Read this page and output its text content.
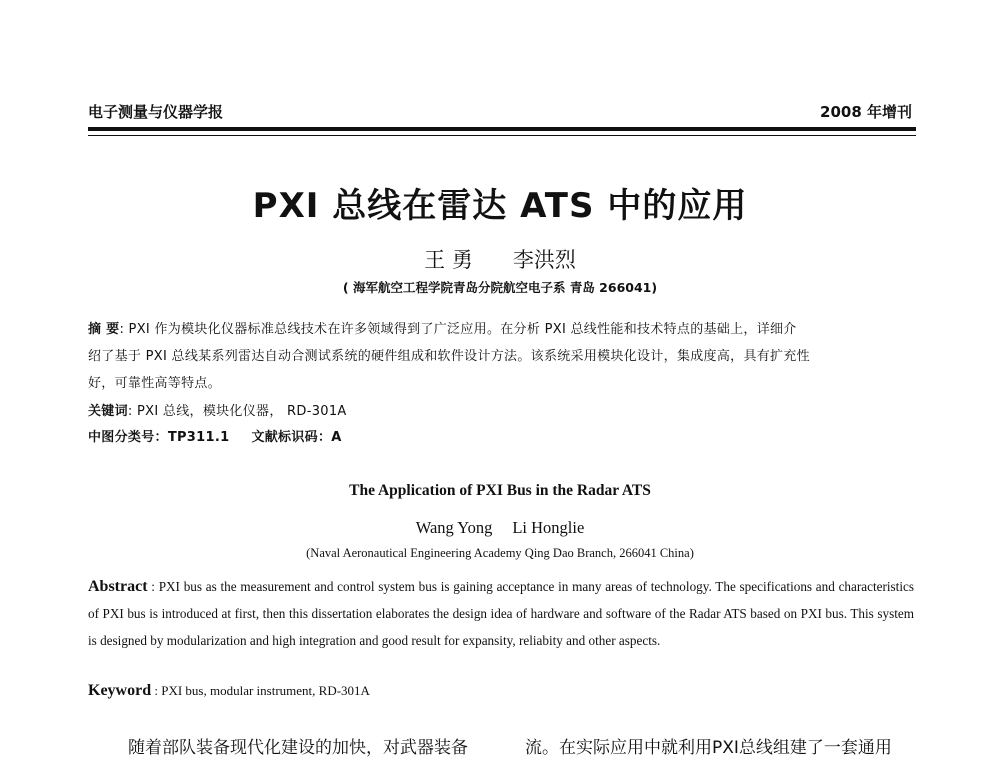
电子测量与仪器学报	2008 年增刊
PXI 总线在雷达 ATS 中的应用
王 勇 李洪烈
( 海军航空工程学院青岛分院航空电子系 青岛 266041)
摘 要: PXI 作为模块化仪器标准总线技术在许多领域得到了广泛应用。在分析 PXI 总线性能和技术特点的基础上，详细介
绍了基于 PXI 总线某系列雷达自动合测试系统的硬件组成和软件设计方法。该系统采用模块化设计，集成度高，具有扩充性
好，可靠性高等特点。
关键词: PXI 总线，模块化仪器， RD-301A
中图分类号：TP311.1 文献标识码：A
The Application of PXI Bus in the Radar ATS
Wang Yong Li Honglie
(Naval Aeronautical Engineering Academy Qing Dao Branch, 266041 China)
Abstract : PXI bus as the measurement and control system bus is gaining acceptance in many areas of technology. The specifications and characteristics of PXI bus is introduced at first, then this dissertation elaborates the design idea of hardware and software of the Radar ATS based on PXI bus. This system is designed by modularization and high integration and good result for expansity, reliabity and other aspects.
Keyword : PXI bus, modular instrument, RD-301A
随着部队装备现代化建设的加快，对武器装备	流。在实际应用中就利用PXI总线组建了一套通用
